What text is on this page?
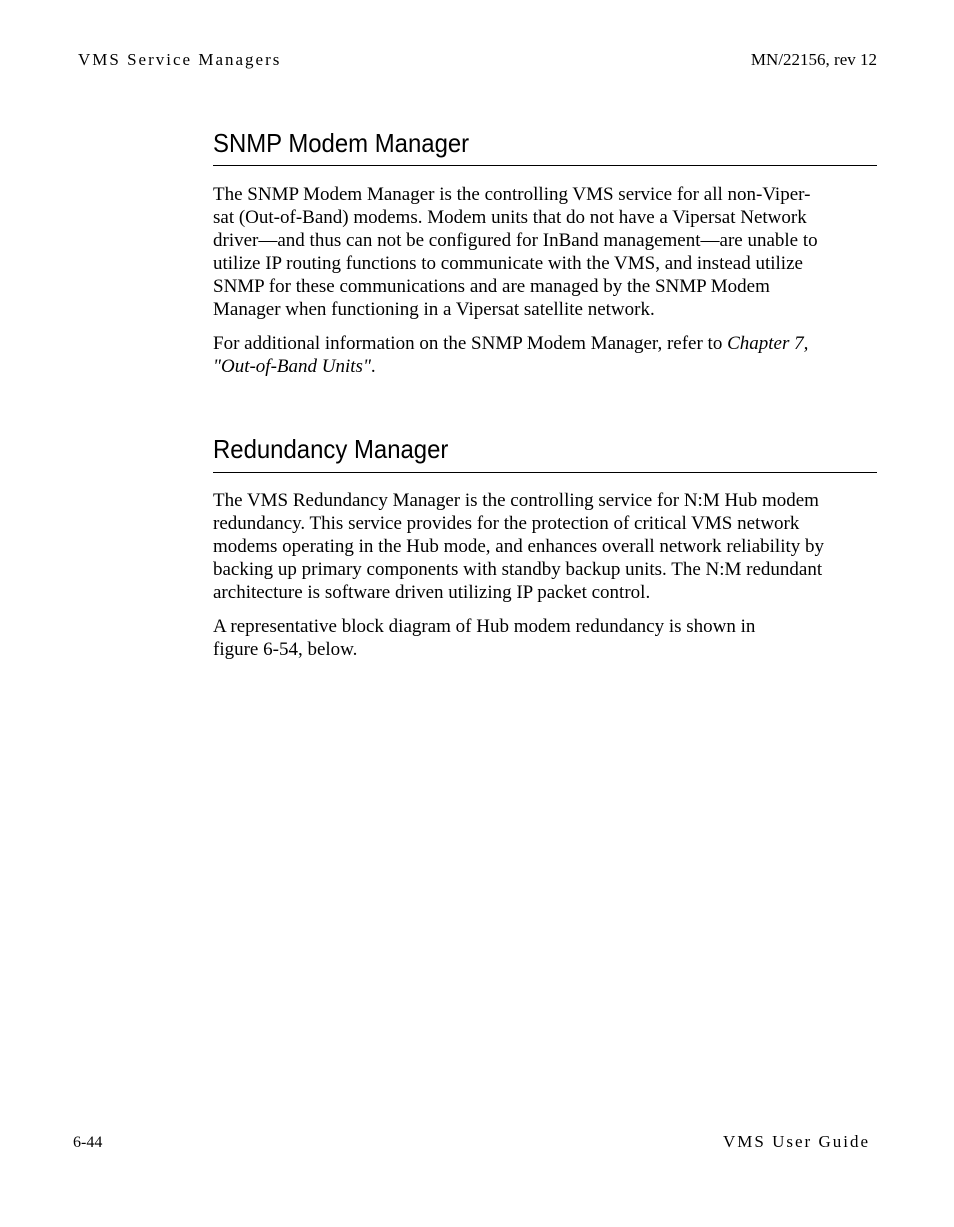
VMS Service Managers	MN/22156, rev 12
SNMP Modem Manager
The SNMP Modem Manager is the controlling VMS service for all non-Viper-
sat (Out-of-Band) modems. Modem units that do not have a Vipersat Network
driver—and thus can not be configured for InBand management—are unable to
utilize IP routing functions to communicate with the VMS, and instead utilize
SNMP for these communications and are managed by the SNMP Modem
Manager when functioning in a Vipersat satellite network.
For additional information on the SNMP Modem Manager, refer to Chapter 7,
"Out-of-Band Units".
Redundancy Manager
The VMS Redundancy Manager is the controlling service for N:M Hub modem
redundancy. This service provides for the protection of critical VMS network
modems operating in the Hub mode, and enhances overall network reliability by
backing up primary components with standby backup units. The N:M redundant
architecture is software driven utilizing IP packet control.
A representative block diagram of Hub modem redundancy is shown in
figure 6-54, below.
6-44	VMS User Guide
